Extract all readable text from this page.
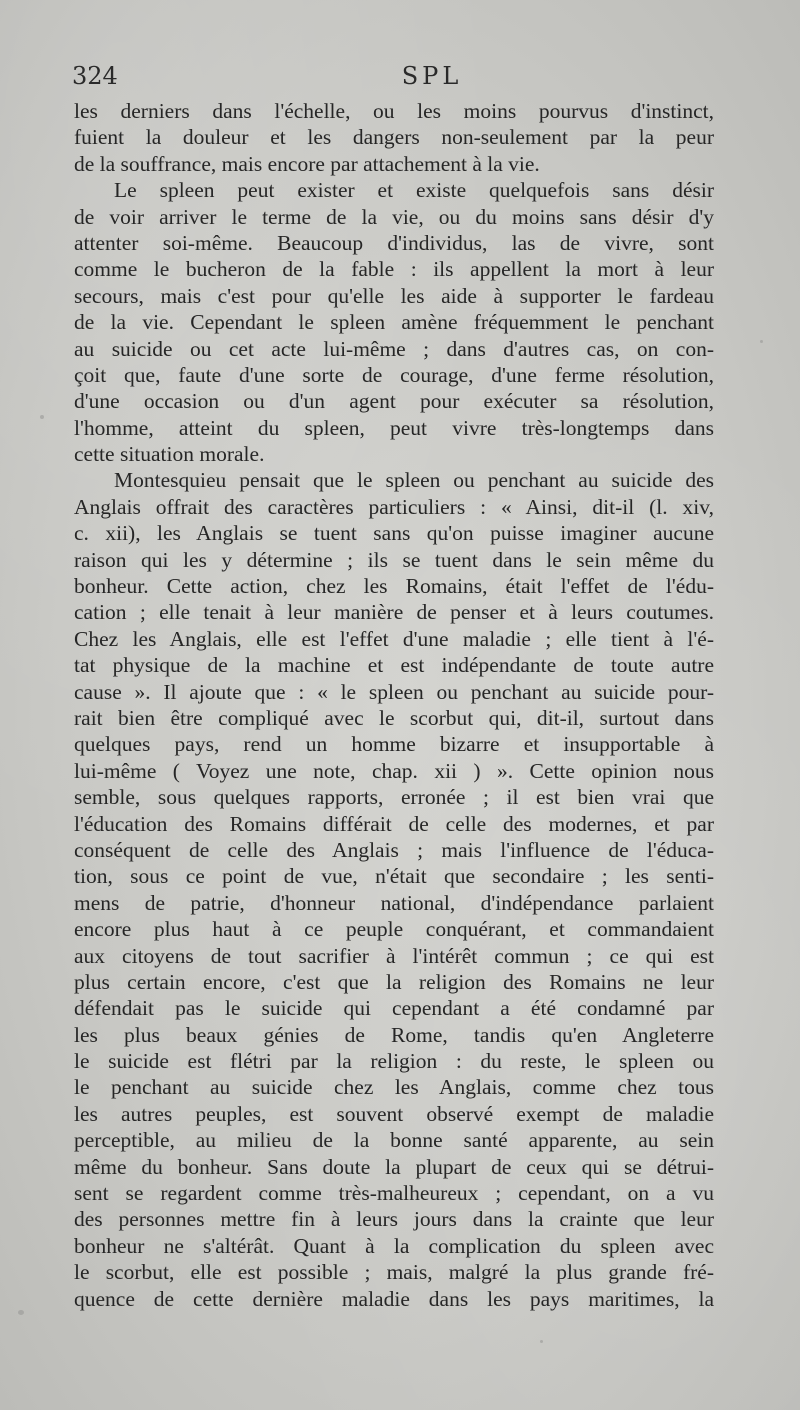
324	SPL
les derniers dans l'échelle, ou les moins pourvus d'instinct,
fuient la douleur et les dangers non-seulement par la peur
de la souffrance, mais encore par attachement à la vie.
Le spleen peut exister et existe quelquefois sans désir
de voir arriver le terme de la vie, ou du moins sans désir d'y
attenter soi-même. Beaucoup d'individus, las de vivre, sont
comme le bucheron de la fable : ils appellent la mort à leur
secours, mais c'est pour qu'elle les aide à supporter le fardeau
de la vie. Cependant le spleen amène fréquemment le penchant
au suicide ou cet acte lui-même ; dans d'autres cas, on con-
çoit que, faute d'une sorte de courage, d'une ferme résolution,
d'une occasion ou d'un agent pour exécuter sa résolution,
l'homme, atteint du spleen, peut vivre très-longtemps dans
cette situation morale.
Montesquieu pensait que le spleen ou penchant au suicide des
Anglais offrait des caractères particuliers : « Ainsi, dit-il (l. xiv,
c. xii), les Anglais se tuent sans qu'on puisse imaginer aucune
raison qui les y détermine ; ils se tuent dans le sein même du
bonheur. Cette action, chez les Romains, était l'effet de l'édu-
cation ; elle tenait à leur manière de penser et à leurs coutumes.
Chez les Anglais, elle est l'effet d'une maladie ; elle tient à l'é-
tat physique de la machine et est indépendante de toute autre
cause ». Il ajoute que : « le spleen ou penchant au suicide pour-
rait bien être compliqué avec le scorbut qui, dit-il, surtout dans
quelques pays, rend un homme bizarre et insupportable à
lui-même ( Voyez une note, chap. xii ) ». Cette opinion nous
semble, sous quelques rapports, erronée ; il est bien vrai que
l'éducation des Romains différait de celle des modernes, et par
conséquent de celle des Anglais ; mais l'influence de l'éduca-
tion, sous ce point de vue, n'était que secondaire ; les senti-
mens de patrie, d'honneur national, d'indépendance parlaient
encore plus haut à ce peuple conquérant, et commandaient
aux citoyens de tout sacrifier à l'intérêt commun ; ce qui est
plus certain encore, c'est que la religion des Romains ne leur
défendait pas le suicide qui cependant a été condamné par
les plus beaux génies de Rome, tandis qu'en Angleterre
le suicide est flétri par la religion : du reste, le spleen ou
le penchant au suicide chez les Anglais, comme chez tous
les autres peuples, est souvent observé exempt de maladie
perceptible, au milieu de la bonne santé apparente, au sein
même du bonheur. Sans doute la plupart de ceux qui se détrui-
sent se regardent comme très-malheureux ; cependant, on a vu
des personnes mettre fin à leurs jours dans la crainte que leur
bonheur ne s'altérât. Quant à la complication du spleen avec
le scorbut, elle est possible ; mais, malgré la plus grande fré-
quence de cette dernière maladie dans les pays maritimes, la
